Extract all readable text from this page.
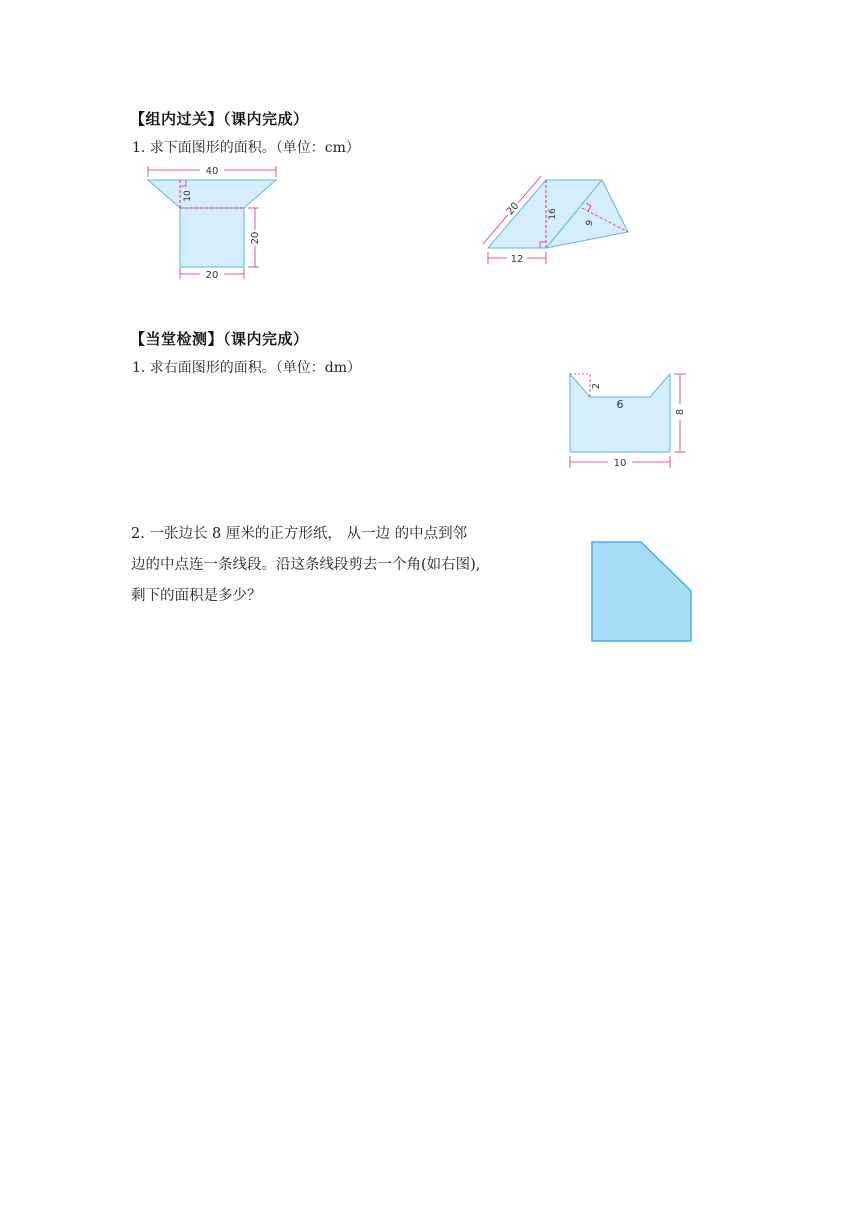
【组内过关】（课内完成）
1. 求下面图形的面积。（单位：cm）
40
10
20
20
20	16
9
12
【当堂检测】（课内完成）
1. 求右面图形的面积。（单位：dm）
2
6
8
10
2. 一张边长 8 厘米的正方形纸， 从一边 的中点到邻
边的中点连一条线段。沿这条线段剪去一个角(如右图),
剩下的面积是多少？
